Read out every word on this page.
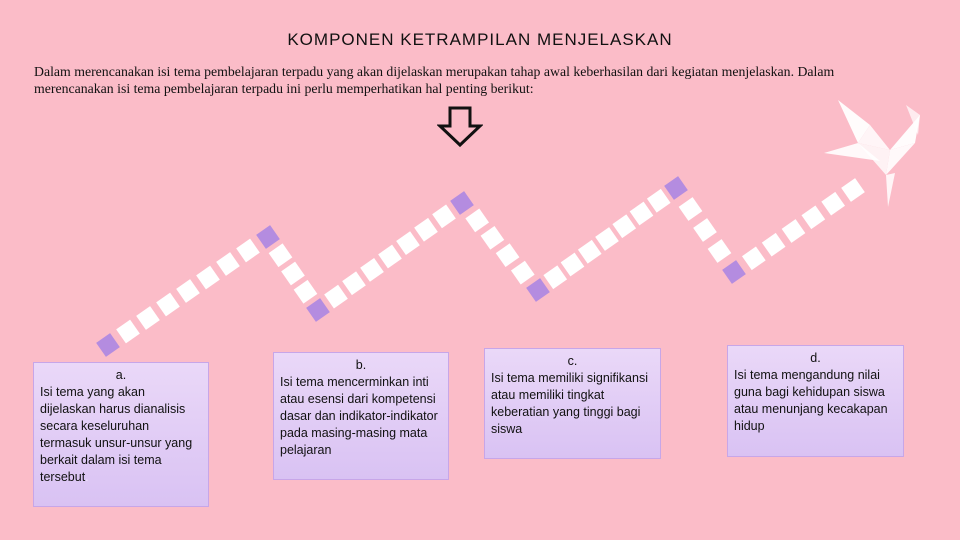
KOMPONEN KETRAMPILAN MENJELASKAN
Dalam merencanakan isi tema pembelajaran terpadu yang akan dijelaskan merupakan tahap awal keberhasilan dari kegiatan menjelaskan. Dalam merencanakan isi tema pembelajaran terpadu ini perlu memperhatikan hal penting berikut:
a.
Isi tema yang akan dijelaskan harus dianalisis secara keseluruhan termasuk unsur-unsur yang berkait dalam isi tema tersebut.
b.
Isi tema mencerminkan inti atau esensi dari kompetensi dasar dan indikator-indikator pada masing-masing mata pelajaran
c.
Isi tema memiliki signifikansi atau memiliki tingkat keberatian yang tinggi bagi siswa
d.
Isi tema mengandung nilai guna bagi kehidupan siswa atau menunjang kecakapan hidup
